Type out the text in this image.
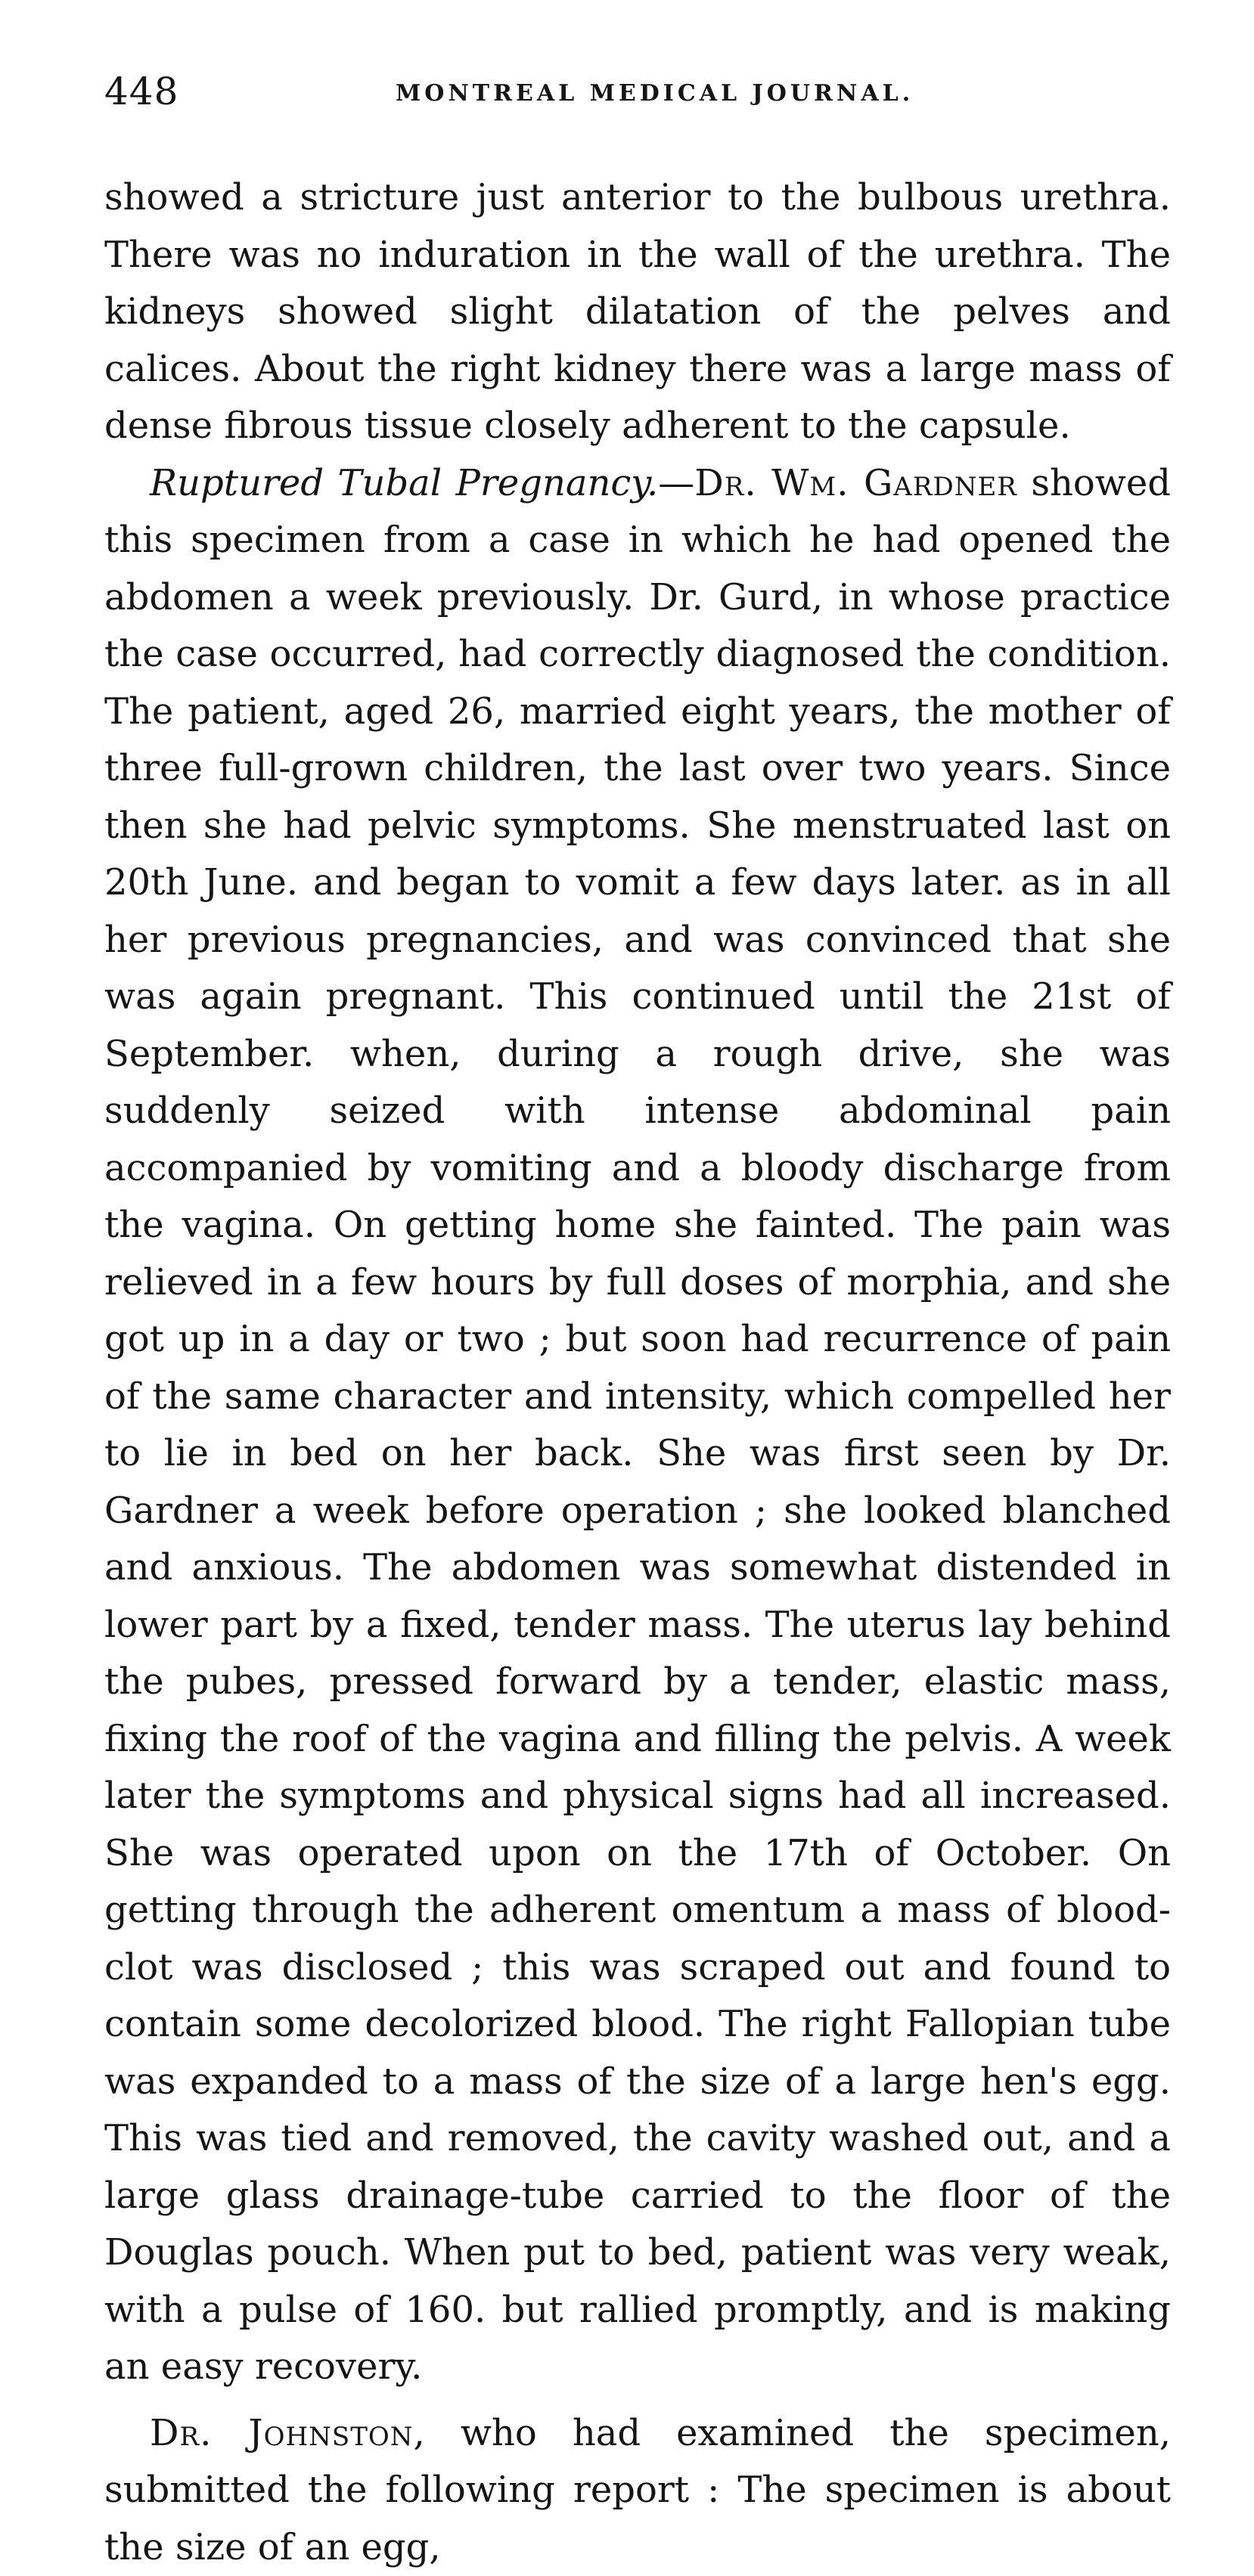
448	MONTREAL MEDICAL JOURNAL.

showed a stricture just anterior to the bulbous urethra. There was no induration in the wall of the urethra. The kidneys showed slight dilatation of the pelves and calices. About the right kidney there was a large mass of dense fibrous tissue closely adherent to the capsule.

Ruptured Tubal Pregnancy.—Dr. Wm. Gardner showed this specimen from a case in which he had opened the abdomen a week previously. Dr. Gurd, in whose practice the case occurred, had correctly diagnosed the condition. The patient, aged 26, married eight years, the mother of three full-grown children, the last over two years. Since then she had pelvic symptoms. She menstruated last on 20th June. and began to vomit a few days later. as in all her previous pregnancies, and was convinced that she was again pregnant. This continued until the 21st of September. when, during a rough drive, she was suddenly seized with intense abdominal pain accompanied by vomiting and a bloody discharge from the vagina. On getting home she fainted. The pain was relieved in a few hours by full doses of morphia, and she got up in a day or two ; but soon had recurrence of pain of the same character and intensity, which compelled her to lie in bed on her back. She was first seen by Dr. Gardner a week before operation ; she looked blanched and anxious. The abdomen was somewhat distended in lower part by a fixed, tender mass. The uterus lay behind the pubes, pressed forward by a tender, elastic mass, fixing the roof of the vagina and filling the pelvis. A week later the symptoms and physical signs had all increased. She was operated upon on the 17th of October. On getting through the adherent omentum a mass of blood-clot was disclosed ; this was scraped out and found to contain some decolorized blood. The right Fallopian tube was expanded to a mass of the size of a large hen's egg. This was tied and removed, the cavity washed out, and a large glass drainage-tube carried to the floor of the Douglas pouch. When put to bed, patient was very weak, with a pulse of 160. but rallied promptly, and is making an easy recovery.

Dr. Johnston, who had examined the specimen, submitted the following report : The specimen is about the size of an egg,
